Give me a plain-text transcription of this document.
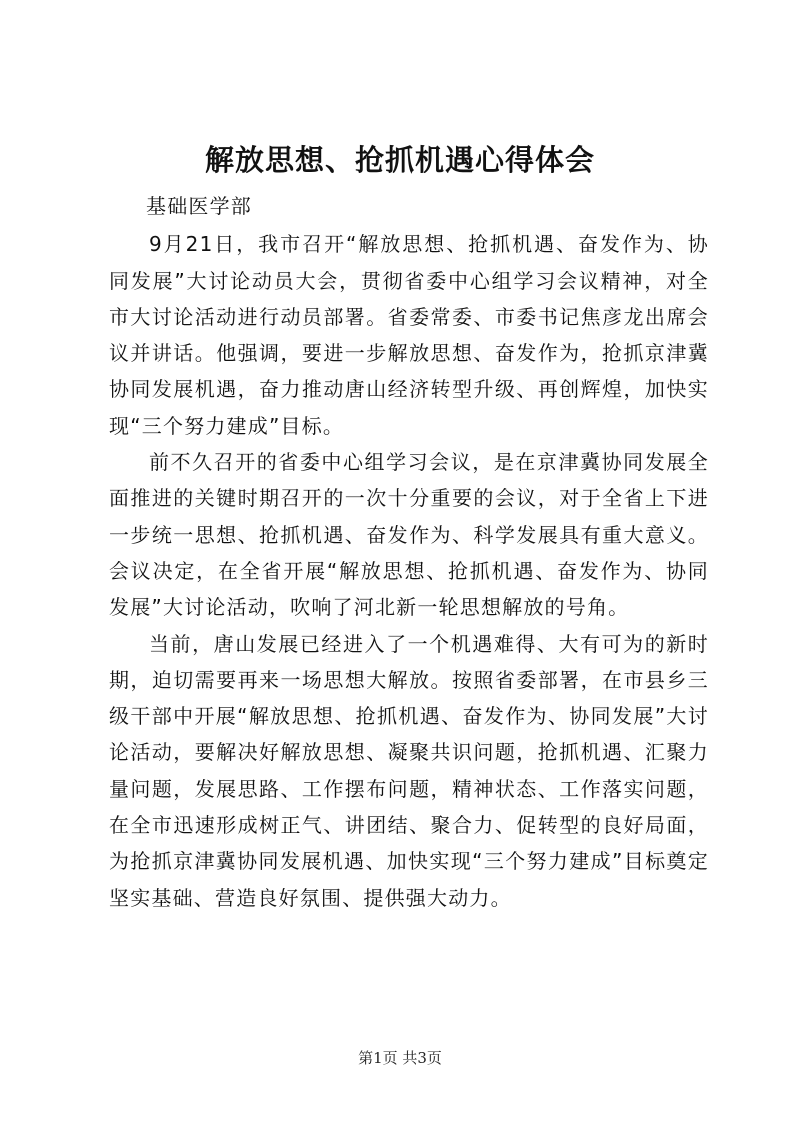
解放思想、抢抓机遇心得体会

基础医学部

9月21日，我市召开“解放思想、抢抓机遇、奋发作为、协同发展”大讨论动员大会，贯彻省委中心组学习会议精神，对全市大讨论活动进行动员部署。省委常委、市委书记焦彦龙出席会议并讲话。他强调，要进一步解放思想、奋发作为，抢抓京津冀协同发展机遇，奋力推动唐山经济转型升级、再创辉煌，加快实现“三个努力建成”目标。

前不久召开的省委中心组学习会议，是在京津冀协同发展全面推进的关键时期召开的一次十分重要的会议，对于全省上下进一步统一思想、抢抓机遇、奋发作为、科学发展具有重大意义。会议决定，在全省开展“解放思想、抢抓机遇、奋发作为、协同发展”大讨论活动，吹响了河北新一轮思想解放的号角。

当前，唐山发展已经进入了一个机遇难得、大有可为的新时期，迫切需要再来一场思想大解放。按照省委部署，在市县乡三级干部中开展“解放思想、抢抓机遇、奋发作为、协同发展”大讨论活动，要解决好解放思想、凝聚共识问题，抢抓机遇、汇聚力量问题，发展思路、工作摆布问题，精神状态、工作落实问题，在全市迅速形成树正气、讲团结、聚合力、促转型的良好局面，为抢抓京津冀协同发展机遇、加快实现“三个努力建成”目标奠定坚实基础、营造良好氛围、提供强大动力。

第1页 共3页
